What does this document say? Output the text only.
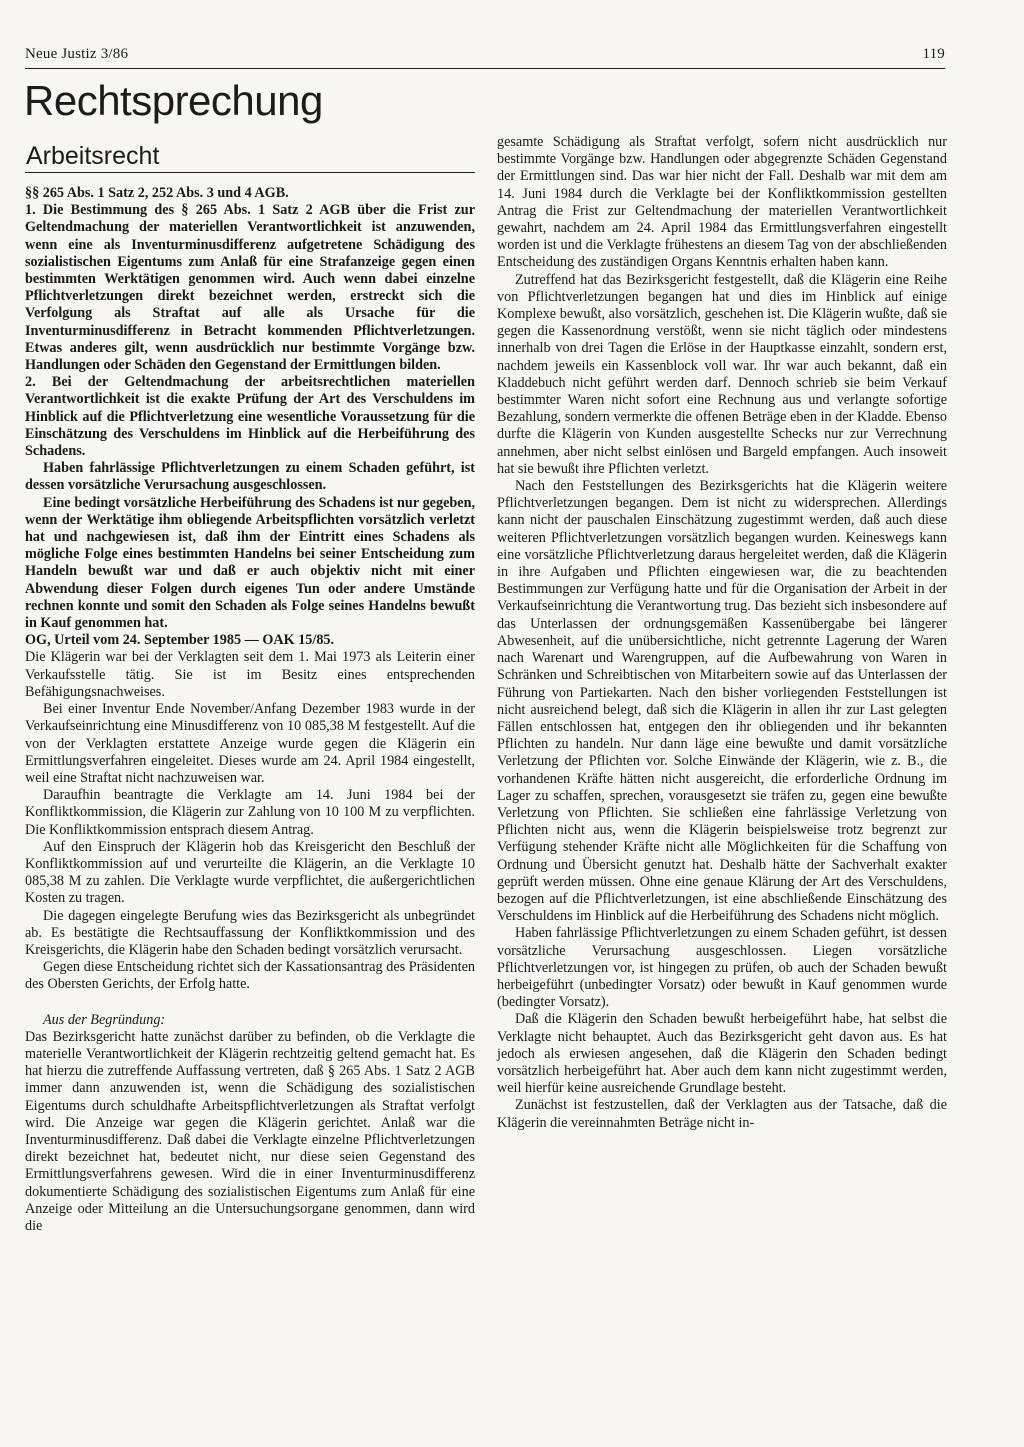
Neue Justiz 3/86	119
Rechtsprechung
Arbeitsrecht

§§ 265 Abs. 1 Satz 2, 252 Abs. 3 und 4 AGB.

1. Die Bestimmung des § 265 Abs. 1 Satz 2 AGB über die Frist zur Geltendmachung der materiellen Verantwortlichkeit ist anzuwenden, wenn eine als Inventurminusdifferenz aufgetretene Schädigung des sozialistischen Eigentums zum Anlaß für eine Strafanzeige gegen einen bestimmten Werktätigen genommen wird. Auch wenn dabei einzelne Pflichtverletzungen direkt bezeichnet werden, erstreckt sich die Verfolgung als Straftat auf alle als Ursache für die Inventurminusdifferenz in Betracht kommenden Pflichtverletzungen. Etwas anderes gilt, wenn ausdrücklich nur bestimmte Vorgänge bzw. Handlungen oder Schäden den Gegenstand der Ermittlungen bilden.

2. Bei der Geltendmachung der arbeitsrechtlichen materiellen Verantwortlichkeit ist die exakte Prüfung der Art des Verschuldens im Hinblick auf die Pflichtverletzung eine wesentliche Voraussetzung für die Einschätzung des Verschuldens im Hinblick auf die Herbeiführung des Schadens.

Haben fahrlässige Pflichtverletzungen zu einem Schaden geführt, ist dessen vorsätzliche Verursachung ausgeschlossen.

Eine bedingt vorsätzliche Herbeiführung des Schadens ist nur gegeben, wenn der Werktätige ihm obliegende Arbeitspflichten vorsätzlich verletzt hat und nachgewiesen ist, daß ihm der Eintritt eines Schadens als mögliche Folge eines bestimmten Handelns bei seiner Entscheidung zum Handeln bewußt war und daß er auch objektiv nicht mit einer Abwendung dieser Folgen durch eigenes Tun oder andere Umstände rechnen konnte und somit den Schaden als Folge seines Handelns bewußt in Kauf genommen hat.

OG, Urteil vom 24. September 1985 — OAK 15/85.

Die Klägerin war bei der Verklagten seit dem 1. Mai 1973 als Leiterin einer Verkaufsstelle tätig. Sie ist im Besitz eines entsprechenden Befähigungsnachweises.

Bei einer Inventur Ende November/Anfang Dezember 1983 wurde in der Verkaufseinrichtung eine Minusdifferenz von 10 085,38 M festgestellt. Auf die von der Verklagten erstattete Anzeige wurde gegen die Klägerin ein Ermittlungsverfahren eingeleitet. Dieses wurde am 24. April 1984 eingestellt, weil eine Straftat nicht nachzuweisen war.

Daraufhin beantragte die Verklagte am 14. Juni 1984 bei der Konfliktkommission, die Klägerin zur Zahlung von 10 100 M zu verpflichten. Die Konfliktkommission entsprach diesem Antrag.

Auf den Einspruch der Klägerin hob das Kreisgericht den Beschluß der Konfliktkommission auf und verurteilte die Klägerin, an die Verklagte 10 085,38 M zu zahlen. Die Verklagte wurde verpflichtet, die außergerichtlichen Kosten zu tragen.

Die dagegen eingelegte Berufung wies das Bezirksgericht als unbegründet ab. Es bestätigte die Rechtsauffassung der Konfliktkommission und des Kreisgerichts, die Klägerin habe den Schaden bedingt vorsätzlich verursacht.

Gegen diese Entscheidung richtet sich der Kassationsantrag des Präsidenten des Obersten Gerichts, der Erfolg hatte.

Aus der Begründung:

Das Bezirksgericht hatte zunächst darüber zu befinden, ob die Verklagte die materielle Verantwortlichkeit der Klägerin rechtzeitig geltend gemacht hat. Es hat hierzu die zutreffende Auffassung vertreten, daß § 265 Abs. 1 Satz 2 AGB immer dann anzuwenden ist, wenn die Schädigung des sozialistischen Eigentums durch schuldhafte Arbeitspflichtverletzungen als Straftat verfolgt wird. Die Anzeige war gegen die Klägerin gerichtet. Anlaß war die Inventurminusdifferenz. Daß dabei die Verklagte einzelne Pflichtverletzungen direkt bezeichnet hat, bedeutet nicht, nur diese seien Gegenstand des Ermittlungsverfahrens gewesen. Wird die in einer Inventurminusdifferenz dokumentierte Schädigung des sozialistischen Eigentums zum Anlaß für eine Anzeige oder Mitteilung an die Untersuchungsorgane genommen, dann wird die

gesamte Schädigung als Straftat verfolgt, sofern nicht ausdrücklich nur bestimmte Vorgänge bzw. Handlungen oder abgegrenzte Schäden Gegenstand der Ermittlungen sind. Das war hier nicht der Fall. Deshalb war mit dem am 14. Juni 1984 durch die Verklagte bei der Konfliktkommission gestellten Antrag die Frist zur Geltendmachung der materiellen Verantwortlichkeit gewahrt, nachdem am 24. April 1984 das Ermittlungsverfahren eingestellt worden ist und die Verklagte frühestens an diesem Tag von der abschließenden Entscheidung des zuständigen Organs Kenntnis erhalten haben kann.

Zutreffend hat das Bezirksgericht festgestellt, daß die Klägerin eine Reihe von Pflichtverletzungen begangen hat und dies im Hinblick auf einige Komplexe bewußt, also vorsätzlich, geschehen ist. Die Klägerin wußte, daß sie gegen die Kassenordnung verstößt, wenn sie nicht täglich oder mindestens innerhalb von drei Tagen die Erlöse in der Hauptkasse einzahlt, sondern erst, nachdem jeweils ein Kassenblock voll war. Ihr war auch bekannt, daß ein Kladdebuch nicht geführt werden darf. Dennoch schrieb sie beim Verkauf bestimmter Waren nicht sofort eine Rechnung aus und verlangte sofortige Bezahlung, sondern vermerkte die offenen Beträge eben in der Kladde. Ebenso durfte die Klägerin von Kunden ausgestellte Schecks nur zur Verrechnung annehmen, aber nicht selbst einlösen und Bargeld empfangen. Auch insoweit hat sie bewußt ihre Pflichten verletzt.

Nach den Feststellungen des Bezirksgerichts hat die Klägerin weitere Pflichtverletzungen begangen. Dem ist nicht zu widersprechen. Allerdings kann nicht der pauschalen Einschätzung zugestimmt werden, daß auch diese weiteren Pflichtverletzungen vorsätzlich begangen wurden. Keineswegs kann eine vorsätzliche Pflichtverletzung daraus hergeleitet werden, daß die Klägerin in ihre Aufgaben und Pflichten eingewiesen war, die zu beachtenden Bestimmungen zur Verfügung hatte und für die Organisation der Arbeit in der Verkaufseinrichtung die Verantwortung trug. Das bezieht sich insbesondere auf das Unterlassen der ordnungsgemäßen Kassenübergabe bei längerer Abwesenheit, auf die unübersichtliche, nicht getrennte Lagerung der Waren nach Warenart und Warengruppen, auf die Aufbewahrung von Waren in Schränken und Schreibtischen von Mitarbeitern sowie auf das Unterlassen der Führung von Partiekarten. Nach den bisher vorliegenden Feststellungen ist nicht ausreichend belegt, daß sich die Klägerin in allen ihr zur Last gelegten Fällen entschlossen hat, entgegen den ihr obliegenden und ihr bekannten Pflichten zu handeln. Nur dann läge eine bewußte und damit vorsätzliche Verletzung der Pflichten vor. Solche Einwände der Klägerin, wie z. B., die vorhandenen Kräfte hätten nicht ausgereicht, die erforderliche Ordnung im Lager zu schaffen, sprechen, vorausgesetzt sie träfen zu, gegen eine bewußte Verletzung von Pflichten. Sie schließen eine fahrlässige Verletzung von Pflichten nicht aus, wenn die Klägerin beispielsweise trotz begrenzt zur Verfügung stehender Kräfte nicht alle Möglichkeiten für die Schaffung von Ordnung und Übersicht genutzt hat. Deshalb hätte der Sachverhalt exakter geprüft werden müssen. Ohne eine genaue Klärung der Art des Verschuldens, bezogen auf die Pflichtverletzungen, ist eine abschließende Einschätzung des Verschuldens im Hinblick auf die Herbeiführung des Schadens nicht möglich.

Haben fahrlässige Pflichtverletzungen zu einem Schaden geführt, ist dessen vorsätzliche Verursachung ausgeschlossen. Liegen vorsätzliche Pflichtverletzungen vor, ist hingegen zu prüfen, ob auch der Schaden bewußt herbeigeführt (unbedingter Vorsatz) oder bewußt in Kauf genommen wurde (bedingter Vorsatz).

Daß die Klägerin den Schaden bewußt herbeigeführt habe, hat selbst die Verklagte nicht behauptet. Auch das Bezirksgericht geht davon aus. Es hat jedoch als erwiesen angesehen, daß die Klägerin den Schaden bedingt vorsätzlich herbeigeführt hat. Aber auch dem kann nicht zugestimmt werden, weil hierfür keine ausreichende Grundlage besteht.

Zunächst ist festzustellen, daß der Verklagten aus der Tatsache, daß die Klägerin die vereinnahmten Beträge nicht in-
